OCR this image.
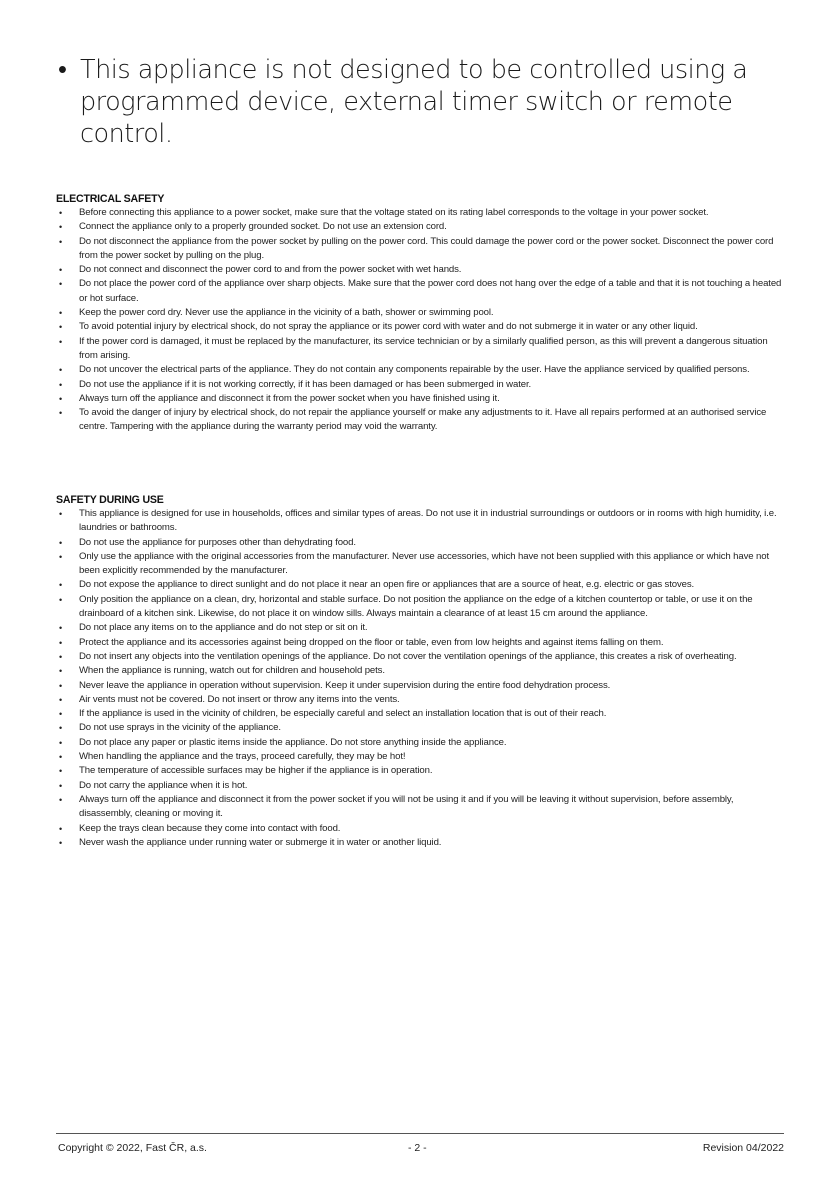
• This appliance is not designed to be controlled using a programmed device, external timer switch or remote control.
ELECTRICAL SAFETY
• Before connecting this appliance to a power socket, make sure that the voltage stated on its rating label corresponds to the voltage in your power socket.
• Connect the appliance only to a properly grounded socket. Do not use an extension cord.
• Do not disconnect the appliance from the power socket by pulling on the power cord. This could damage the power cord or the power socket. Disconnect the power cord from the power socket by pulling on the plug.
• Do not connect and disconnect the power cord to and from the power socket with wet hands.
• Do not place the power cord of the appliance over sharp objects. Make sure that the power cord does not hang over the edge of a table and that it is not touching a heated or hot surface.
• Keep the power cord dry. Never use the appliance in the vicinity of a bath, shower or swimming pool.
• To avoid potential injury by electrical shock, do not spray the appliance or its power cord with water and do not submerge it in water or any other liquid.
• If the power cord is damaged, it must be replaced by the manufacturer, its service technician or by a similarly qualified person, as this will prevent a dangerous situation from arising.
• Do not uncover the electrical parts of the appliance. They do not contain any components repairable by the user. Have the appliance serviced by qualified persons.
• Do not use the appliance if it is not working correctly, if it has been damaged or has been submerged in water.
• Always turn off the appliance and disconnect it from the power socket when you have finished using it.
• To avoid the danger of injury by electrical shock, do not repair the appliance yourself or make any adjustments to it. Have all repairs performed at an authorised service centre. Tampering with the appliance during the warranty period may void the warranty.
SAFETY DURING USE
• This appliance is designed for use in households, offices and similar types of areas. Do not use it in industrial surroundings or outdoors or in rooms with high humidity, i.e. laundries or bathrooms.
• Do not use the appliance for purposes other than dehydrating food.
• Only use the appliance with the original accessories from the manufacturer. Never use accessories, which have not been supplied with this appliance or which have not been explicitly recommended by the manufacturer.
• Do not expose the appliance to direct sunlight and do not place it near an open fire or appliances that are a source of heat, e.g. electric or gas stoves.
• Only position the appliance on a clean, dry, horizontal and stable surface. Do not position the appliance on the edge of a kitchen countertop or table, or use it on the drainboard of a kitchen sink. Likewise, do not place it on window sills. Always maintain a clearance of at least 15 cm around the appliance.
• Do not place any items on to the appliance and do not step or sit on it.
• Protect the appliance and its accessories against being dropped on the floor or table, even from low heights and against items falling on them.
• Do not insert any objects into the ventilation openings of the appliance. Do not cover the ventilation openings of the appliance, this creates a risk of overheating.
• When the appliance is running, watch out for children and household pets.
• Never leave the appliance in operation without supervision. Keep it under supervision during the entire food dehydration process.
• Air vents must not be covered. Do not insert or throw any items into the vents.
• If the appliance is used in the vicinity of children, be especially careful and select an installation location that is out of their reach.
• Do not use sprays in the vicinity of the appliance.
• Do not place any paper or plastic items inside the appliance. Do not store anything inside the appliance.
• When handling the appliance and the trays, proceed carefully, they may be hot!
• The temperature of accessible surfaces may be higher if the appliance is in operation.
• Do not carry the appliance when it is hot.
• Always turn off the appliance and disconnect it from the power socket if you will not be using it and if you will be leaving it without supervision, before assembly, disassembly, cleaning or moving it.
• Keep the trays clean because they come into contact with food.
• Never wash the appliance under running water or submerge it in water or another liquid.
Copyright © 2022, Fast ČR, a.s.	- 2 -	Revision 04/2022
